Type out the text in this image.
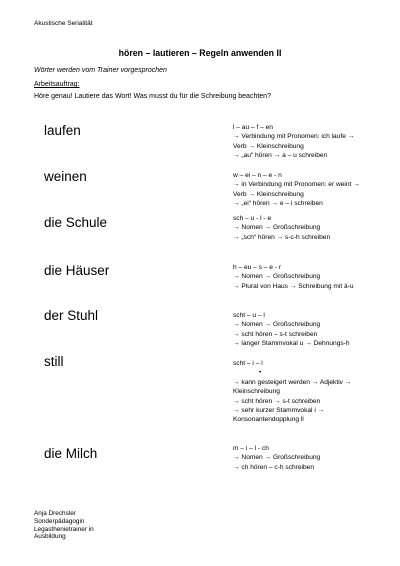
Akustische Serialität
hören – lautieren – Regeln anwenden II
Wörter werden vom Trainer vorgesprochen
Arbeitsauftrag:
Höre genau! Lautiere das Wort! Was musst du für die Schreibung beachten?
laufen	l – au – f – en
→ Verbindung mit Pronomen: ich laufe →
Verb → Kleinschreibung
→ „au“ hören → a – u schreiben
weinen	w – ei – n – e - n
→ in Verbindung mit Pronomen: er weint →
Verb → Kleinschreibung
→ „ei“ hören → e – i schreiben
die Schule	sch – u - l - e
→ Nomen → Großschreibung
→ „sch“ hören → s-c-h schreiben
die Häuser	h – eu – s – e - r
→ Nomen → Großschreibung
→ Plural von Haus → Schreibung mit ä-u
der Stuhl	scht – u – l
→ Nomen → Großschreibung
→ scht hören – s-t schreiben
→ langer Stammvokal u → Dehnungs-h
still	scht – i – l
•
→ kann gesteigert werden → Adjektiv →
Kleinschreibung
→ scht hören → s-t schreiben
→ sehr kurzer Stammvokal i →
Konsonantendopplung ll
die Milch	m – i – l - ch
→ Nomen → Großschreibung
→ ch hören – c-h schreiben
Anja Drechsler
Sonderpädagogin
Legasthenietrainer in
Ausbildung
